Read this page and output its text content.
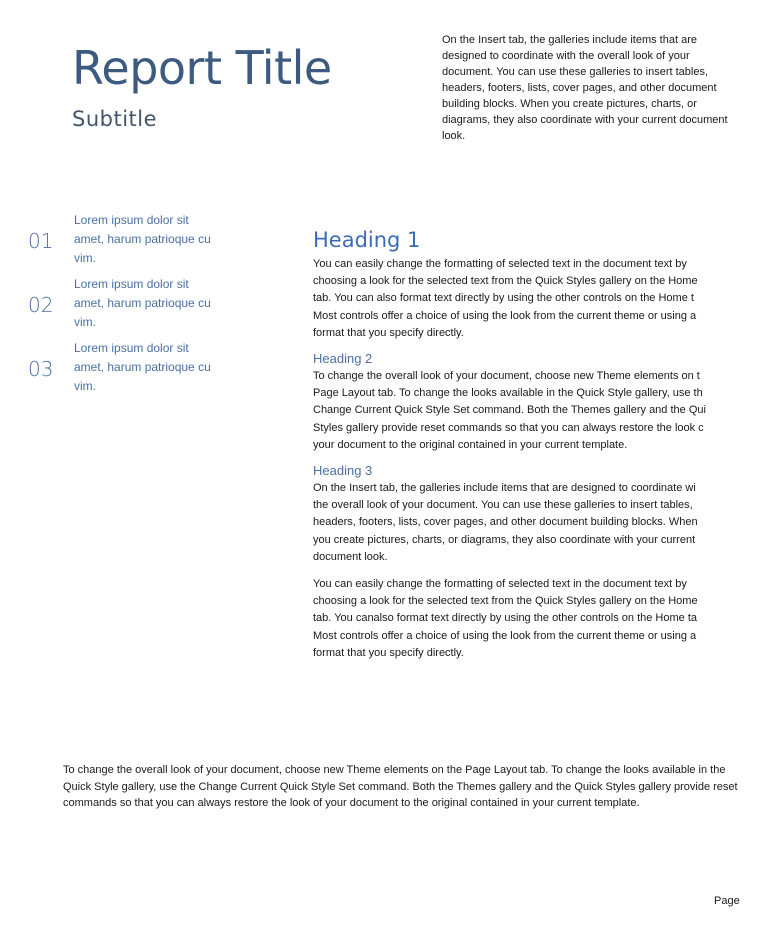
Report Title
Subtitle

On the Insert tab, the galleries include items that are designed to coordinate with the overall look of your document. You can use these galleries to insert tables, headers, footers, lists, cover pages, and other document building blocks. When you create pictures, charts, or diagrams, they also coordinate with your current document look.

01
Lorem ipsum dolor sit amet, harum patrioque cu vim.
02
Lorem ipsum dolor sit amet, harum patrioque cu vim.
03
Lorem ipsum dolor sit amet, harum patrioque cu vim.
Heading 1

You can easily change the formatting of selected text in the document text by

choosing a look for the selected text from the Quick Styles gallery on the Home

tab. You can also format text directly by using the other controls on the Home t

Most controls offer a choice of using the look from the current theme or using a

format that you specify directly.

Heading 2

To change the overall look of your document, choose new Theme elements on t

Page Layout tab. To change the looks available in the Quick Style gallery, use th

Change Current Quick Style Set command. Both the Themes gallery and the Qui

Styles gallery provide reset commands so that you can always restore the look c

your document to the original contained in your current template.

Heading 3

On the Insert tab, the galleries include items that are designed to coordinate wi

the overall look of your document. You can use these galleries to insert tables,

headers, footers, lists, cover pages, and other document building blocks. When

you create pictures, charts, or diagrams, they also coordinate with your current

document look.

You can easily change the formatting of selected text in the document text by

choosing a look for the selected text from the Quick Styles gallery on the Home

tab. You canalso format text directly by using the other controls on the Home ta

Most controls offer a choice of using the look from the current theme or using a

format that you specify directly.

To change the overall look of your document, choose new Theme elements on the Page Layout tab. To change the looks available in the Quick Style gallery, use the Change Current Quick Style Set command. Both the Themes gallery and the Quick Styles gallery provide reset commands so that you can always restore the look of your document to the original contained in your current template.

Page
